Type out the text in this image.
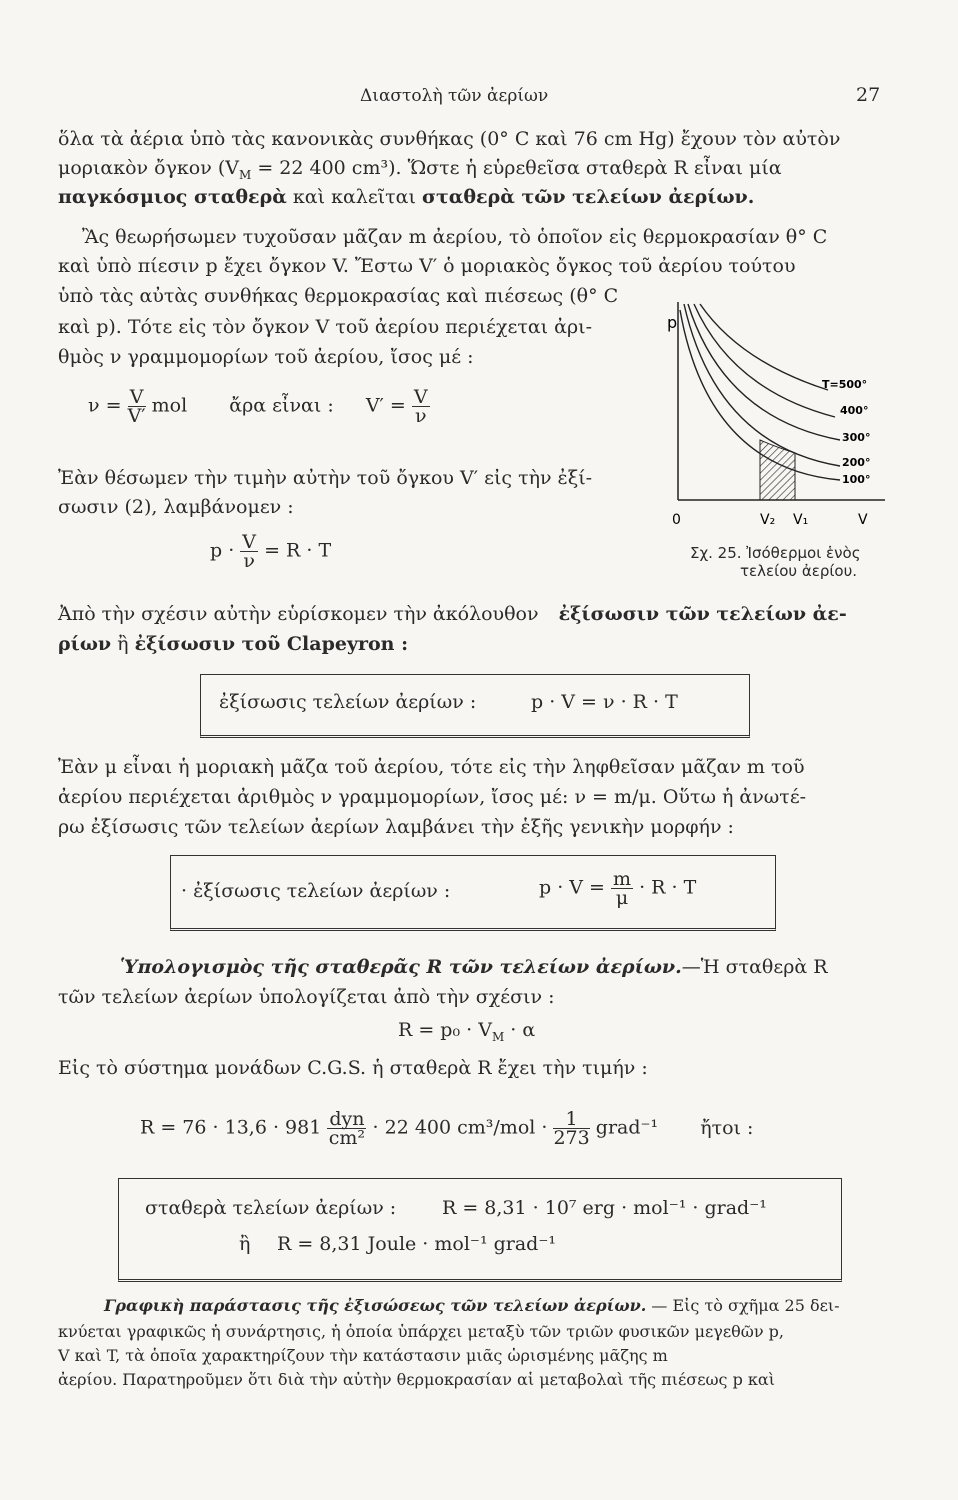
Διαστολὴ τῶν ἀερίων	27
ὅλα τὰ ἀέρια ὑπὸ τὰς κανονικὰς συνθήκας (0° C καὶ 76 cm Hg) ἔχουν τὸν αὐτὸν
μοριακὸν ὄγκον ($V_M = 22$ 400 cm³). Ὥστε ἡ εὑρεθεῖσα σταθερὰ R εἶναι μία
παγκόσμιος σταθερὰ καὶ καλεῖται σταθερὰ τῶν τελείων ἀερίων.
Ἂς θεωρήσωμεν τυχοῦσαν μᾶζαν m ἀερίου, τὸ ὁποῖον εἰς θερμοκρασίαν θ° C
καὶ ὑπὸ πίεσιν p ἔχει ὄγκον V. Ἔστω V′ ὁ μοριακὸς ὄγκος τοῦ ἀερίου τούτου
ὑπὸ τὰς αὐτὰς συνθήκας θερμοκρασίας καὶ πιέσεως (θ° C
καὶ p). Τότε εἰς τὸν ὄγκον V τοῦ ἀερίου περιέχεται ἀρι-
θμὸς ν γραμμομορίων τοῦ ἀερίου, ἴσος μέ :
$\nu = \frac{V}{V'}$ mol ἄρα εἶναι : $V' = \frac{V}{\nu}$
Ἐὰν θέσωμεν τὴν τιμὴν αὐτὴν τοῦ ὄγκου V′ εἰς τὴν ἐξί-
σωσιν (2), λαμβάνομεν :
$p \cdot \frac{V}{\nu} = R \cdot T$
p
0	V₂ V₁	V
T=500°
400°
300°
200°
100°
Σχ. 25. Ἰσόθερμοι ἑνὸς
τελείου ἀερίου.
Ἀπὸ τὴν σχέσιν αὐτὴν εὑρίσκομεν τὴν ἀκόλουθον ἐξίσωσιν τῶν τελείων ἀε-
ρίων ἢ ἐξίσωσιν τοῦ Clapeyron :
ἐξίσωσις τελείων ἀερίων :	p · V = ν · R · T
Ἐὰν μ εἶναι ἡ μοριακὴ μᾶζα τοῦ ἀερίου, τότε εἰς τὴν ληφθεῖσαν μᾶζαν m τοῦ
ἀερίου περιέχεται ἀριθμὸς ν γραμμομορίων, ἴσος μέ: ν = m/μ. Οὕτω ἡ ἀνωτέ-
ρω ἐξίσωσις τῶν τελείων ἀερίων λαμβάνει τὴν ἑξῆς γενικὴν μορφήν :
· ἐξίσωσις τελείων ἀερίων :	$p \cdot V = \frac{m}{\mu} \cdot R \cdot T$
Ὑπολογισμὸς τῆς σταθερᾶς R τῶν τελείων ἀερίων.—Ἡ σταθερὰ R
τῶν τελείων ἀερίων ὑπολογίζεται ἀπὸ τὴν σχέσιν :
$R = p_0 \cdot V_M \cdot \alpha$
Εἰς τὸ σύστημα μονάδων C.G.S. ἡ σταθερὰ R ἔχει τὴν τιμήν :
$R = 76 \cdot 13,6 \cdot 981 \frac{\text{dyn}}{\text{cm²}} \cdot 22$ 400 $cm^3/mol \cdot \frac{1}{273}$ grad⁻¹ ἤτοι :
σταθερὰ τελείων ἀερίων : R = 8,31 · 10⁷ erg · mol⁻¹ · grad⁻¹
ἢ R = 8,31 Joule · mol⁻¹ grad⁻¹
Γραφικὴ παράστασις τῆς ἐξισώσεως τῶν τελείων ἀερίων. — Εἰς τὸ σχῆμα 25 δει-
κνύεται γραφικῶς ἡ συνάρτησις, ἡ ὁποία ὑπάρχει μεταξὺ τῶν τριῶν φυσικῶν μεγεθῶν p,
V καὶ T, τὰ ὁποῖα χαρακτηρίζουν τὴν κατάστασιν μιᾶς ὡρισμένης μᾶζης m
ἀερίου. Παρατηροῦμεν ὅτι διὰ τὴν αὐτὴν θερμοκρασίαν αἱ μεταβολαὶ τῆς πιέσεως p καὶ
